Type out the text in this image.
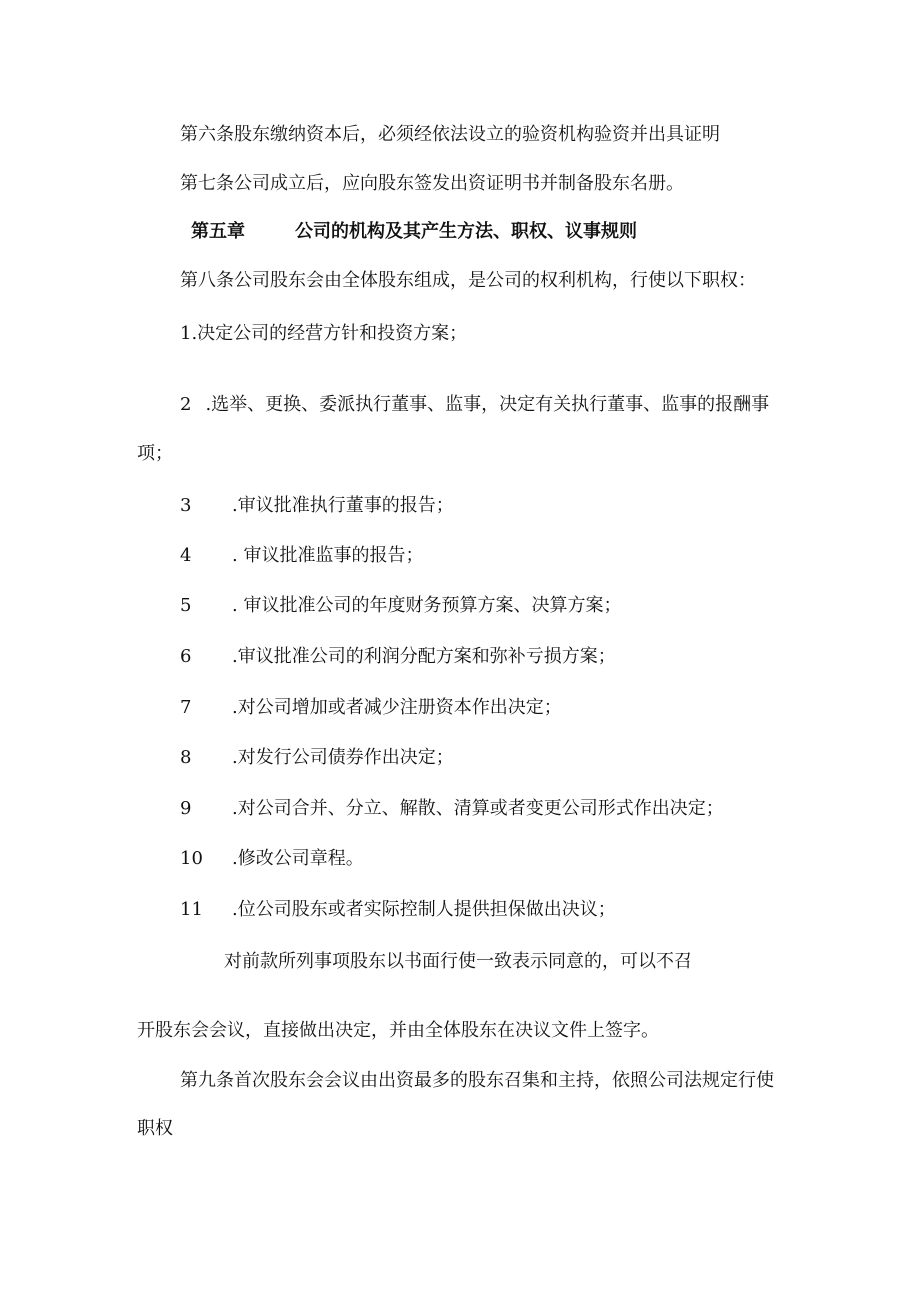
第六条股东缴纳资本后，必须经依法设立的验资机构验资并出具证明
第七条公司成立后，应向股东签发出资证明书并制备股东名册。
第五章	公司的机构及其产生方法、职权、议事规则
第八条公司股东会由全体股东组成，是公司的权利机构，行使以下职权：
1.决定公司的经营方针和投资方案；
2 .选举、更换、委派执行董事、监事，决定有关执行董事、监事的报酬事
项；
3 .审议批准执行董事的报告；
4 . 审议批准监事的报告；
5 . 审议批准公司的年度财务预算方案、决算方案；
6 .审议批准公司的利润分配方案和弥补亏损方案；
7 .对公司增加或者减少注册资本作出决定；
8 .对发行公司债券作出决定；
9 .对公司合并、分立、解散、清算或者变更公司形式作出决定；
10 .修改公司章程。
11 .位公司股东或者实际控制人提供担保做出决议；
对前款所列事项股东以书面行使一致表示同意的，可以不召
开股东会会议，直接做出决定，并由全体股东在决议文件上签字。
第九条首次股东会会议由出资最多的股东召集和主持，依照公司法规定行使
职权
